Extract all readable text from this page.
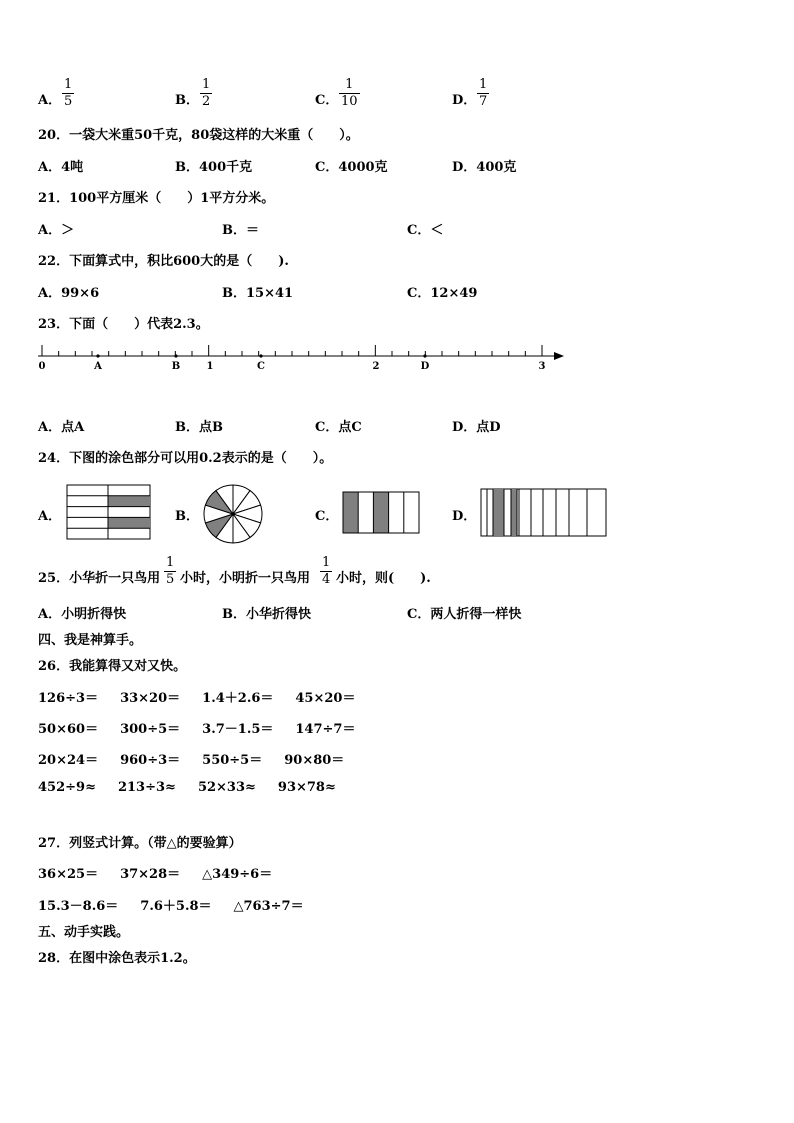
A．
1
5	B．
1
2	C．
1
10	D．
1
7
20．一袋大米重50千克，80袋这样的大米重（　　）。
A．4吨	B．400千克	C．4000克	D．400克
21．100平方厘米（　　）1平方分米。
A．＞	B．＝	C．＜
22．下面算式中，积比600大的是（　　).
A．99×6	B．15×41	C．12×49
23．下面（　　）代表2.3。
0	A	B	1	C	2	D	3
A．点A	B．点B	C．点C	D．点D
24．下图的涂色部分可以用0.2表示的是（　　）。
A．	B．	C．	D．
25．小华折一只鸟用
1
5 小时，小明折一只鸟用
1
4 小时，则(　　).
A．小明折得快	B．小华折得快	C．两人折得一样快
四、我是神算手。
26．我能算得又对又快。
126÷3＝ 33×20＝ 1.4＋2.6＝ 45×20＝
50×60＝ 300÷5＝ 3.7－1.5＝ 147÷7＝
20×24＝ 960÷3＝ 550÷5＝ 90×80＝
452÷9≈ 213÷3≈ 52×33≈ 93×78≈
27．列竖式计算。（带△的要验算）
36×25＝ 37×28＝ △349÷6＝
15.3－8.6＝ 7.6＋5.8＝ △763÷7＝
五、动手实践。
28．在图中涂色表示1.2。
